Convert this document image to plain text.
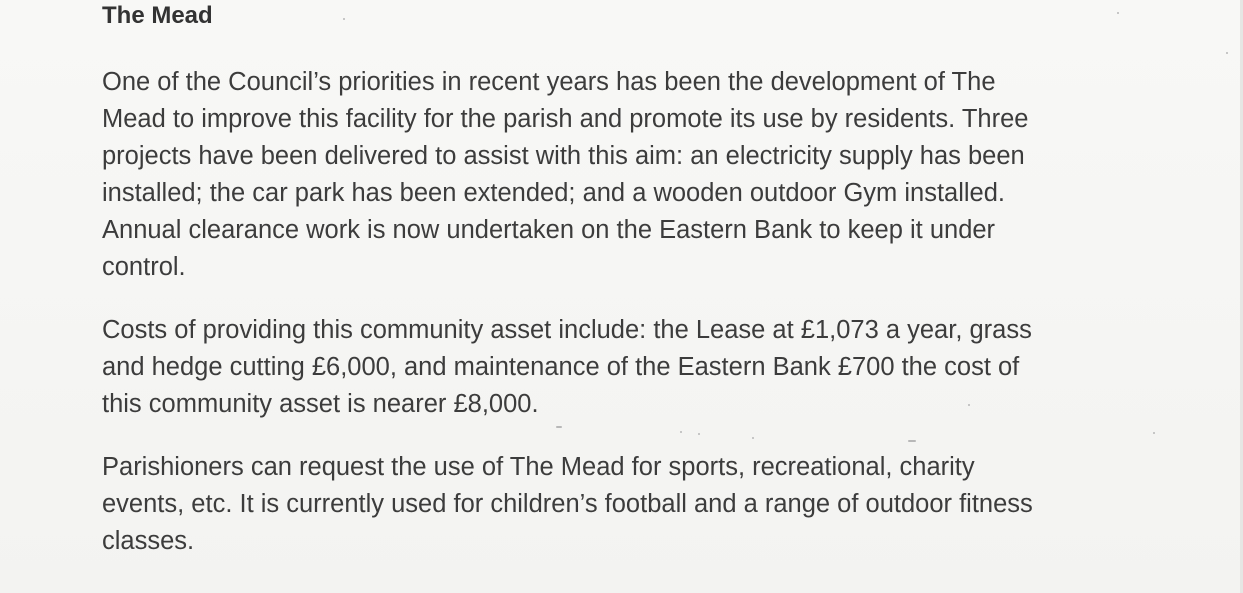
The Mead

One of the Council’s priorities in recent years has been the development of The
Mead to improve this facility for the parish and promote its use by residents. Three
projects have been delivered to assist with this aim: an electricity supply has been
installed; the car park has been extended; and a wooden outdoor Gym installed.
Annual clearance work is now undertaken on the Eastern Bank to keep it under
control.

Costs of providing this community asset include: the Lease at £1,073 a year, grass
and hedge cutting £6,000, and maintenance of the Eastern Bank £700 the cost of
this community asset is nearer £8,000.

Parishioners can request the use of The Mead for sports, recreational, charity
events, etc. It is currently used for children’s football and a range of outdoor fitness
classes.
